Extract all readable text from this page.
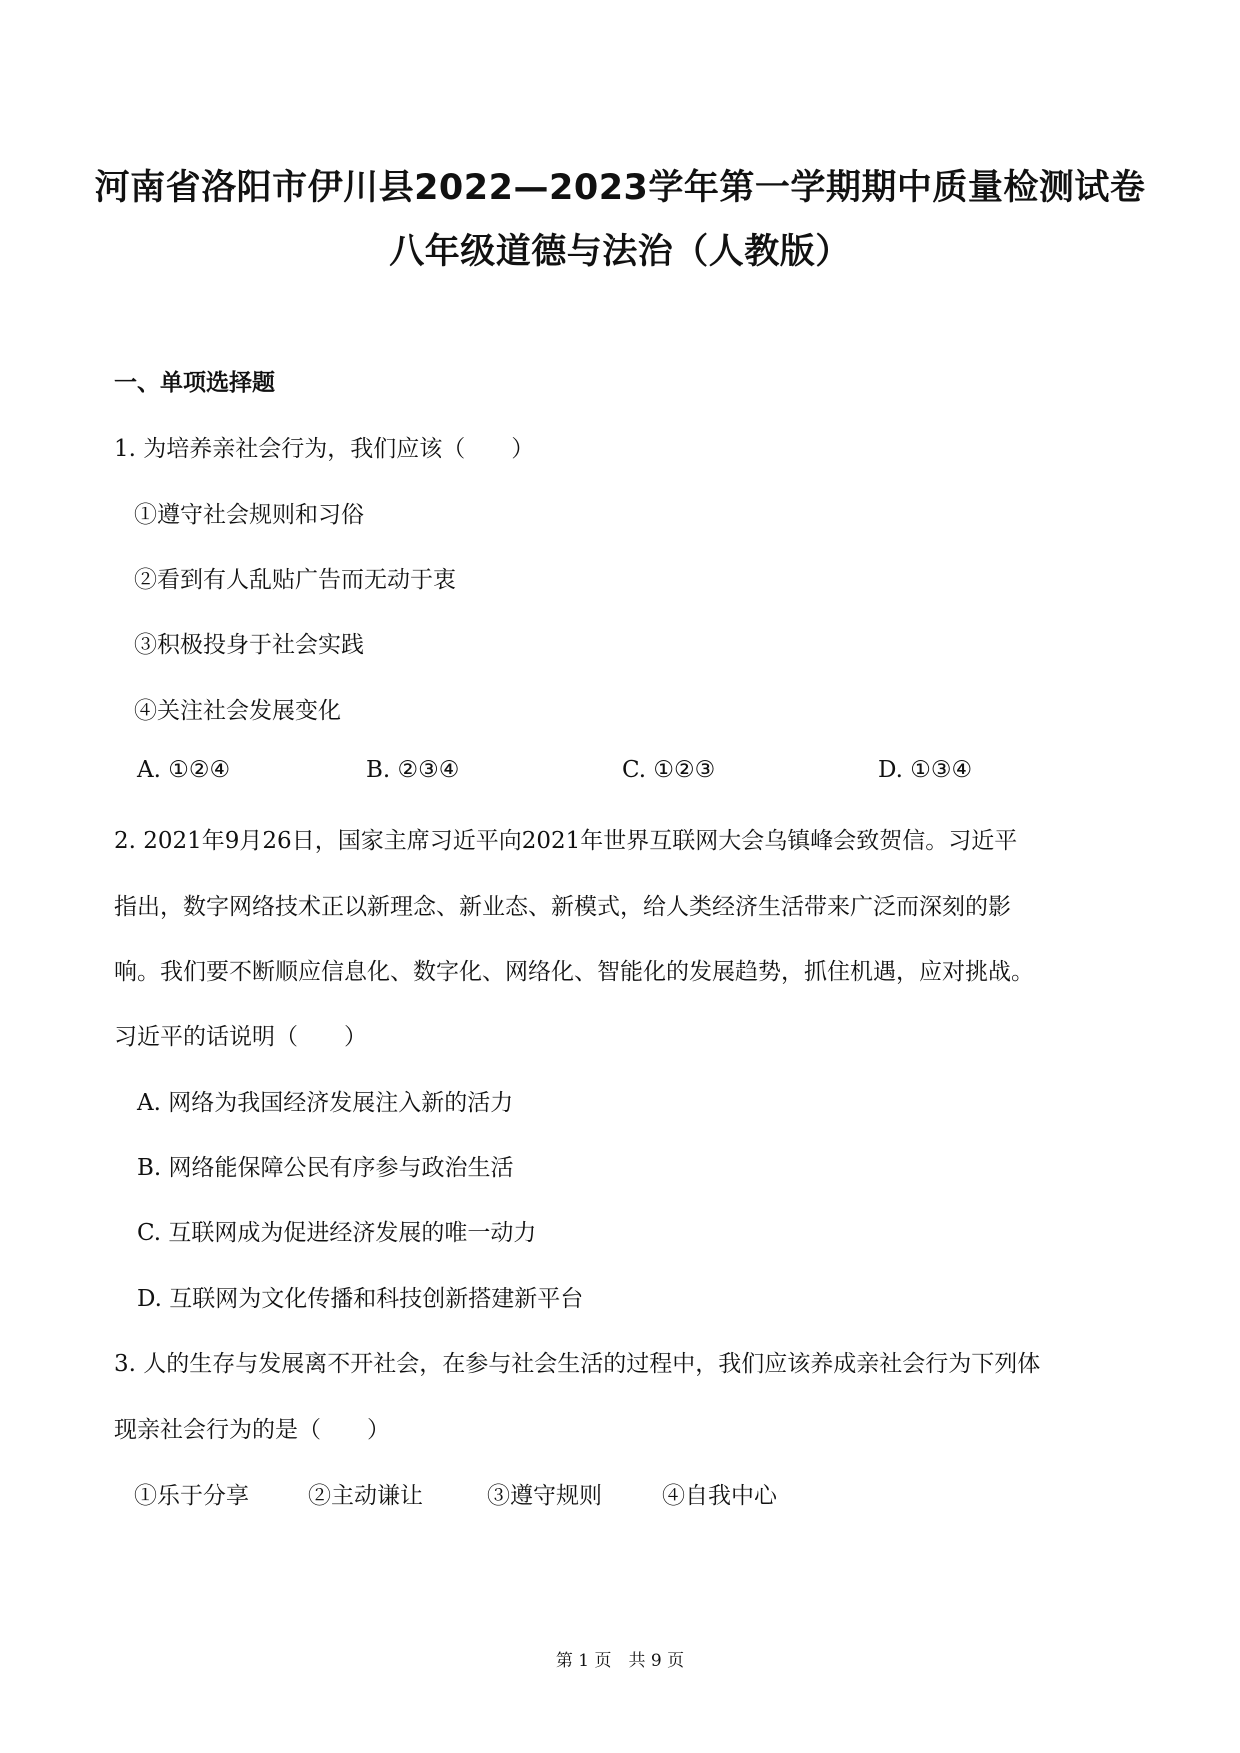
河南省洛阳市伊川县2022—2023学年第一学期期中质量检测试卷
八年级道德与法治（人教版）
一、单项选择题
1. 为培养亲社会行为，我们应该（　　）
①遵守社会规则和习俗
②看到有人乱贴广告而无动于衷
③积极投身于社会实践
④关注社会发展变化
A. ①②④	B. ②③④	C. ①②③	D. ①③④
2. 2021年9月26日，国家主席习近平向2021年世界互联网大会乌镇峰会致贺信。习近平
指出，数字网络技术正以新理念、新业态、新模式，给人类经济生活带来广泛而深刻的影
响。我们要不断顺应信息化、数字化、网络化、智能化的发展趋势，抓住机遇，应对挑战。
习近平的话说明（　　）
A. 网络为我国经济发展注入新的活力
B. 网络能保障公民有序参与政治生活
C. 互联网成为促进经济发展的唯一动力
D. 互联网为文化传播和科技创新搭建新平台
3. 人的生存与发展离不开社会，在参与社会生活的过程中，我们应该养成亲社会行为下列体
现亲社会行为的是（　　）
①乐于分享	②主动谦让	③遵守规则	④自我中心
第 1 页　共 9 页
